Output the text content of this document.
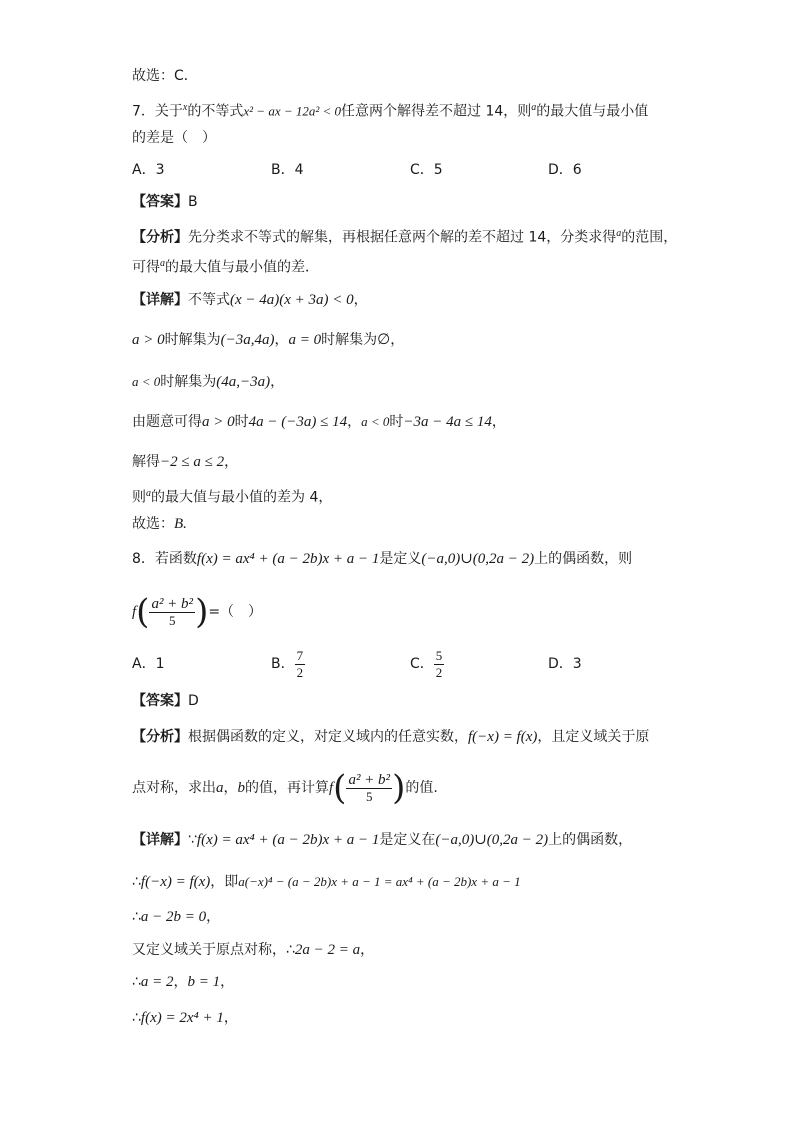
故选：C．
7．关于$^x$的不等式x² − ax − 12a² < 0任意两个解得差不超过 14，则$^a$的最大值与最小值
的差是（　）
A．3	B．4	C．5	D．6
【答案】B
【分析】先分类求不等式的解集，再根据任意两个解的差不超过 14，分类求得$^a$的范围，
可得$^a$的最大值与最小值的差．
【详解】不等式(x − 4a)(x + 3a) < 0，
a > 0时解集为(−3a,4a)，a = 0时解集为∅，
a < 0时解集为(4a,−3a)，
由题意可得a > 0时4a − (−3a) ≤ 14，a < 0时−3a − 4a ≤ 14，
解得−2 ≤ a ≤ 2，
则$^a$的最大值与最小值的差为 4，
故选：B.
8．若函数f(x) = ax⁴ + (a − 2b)x + a − 1是定义(−a,0)∪(0,2a − 2)上的偶函数，则
$f( \frac{\text{a² + b²}}{5}$ )=（　）
A．1	B． $\frac{7}{2}$	C． $\frac{5}{2}$	D．3
【答案】D
【分析】根据偶函数的定义，对定义域内的任意实数，f(−x) = f(x)，且定义域关于原
点对称，求出a，b的值，再计算$f( \frac{\text{a² + b²}}{5}$ )的值.
【详解】∵f(x) = ax⁴ + (a − 2b)x + a − 1是定义在(−a,0)∪(0,2a − 2)上的偶函数，
∴f(−x) = f(x)，即a(−x)⁴ − (a − 2b)x + a − 1 = ax⁴ + (a − 2b)x + a − 1
∴a − 2b = 0，
又定义域关于原点对称，∴2a − 2 = a，
∴a = 2，b = 1，
∴f(x) = 2x⁴ + 1，
